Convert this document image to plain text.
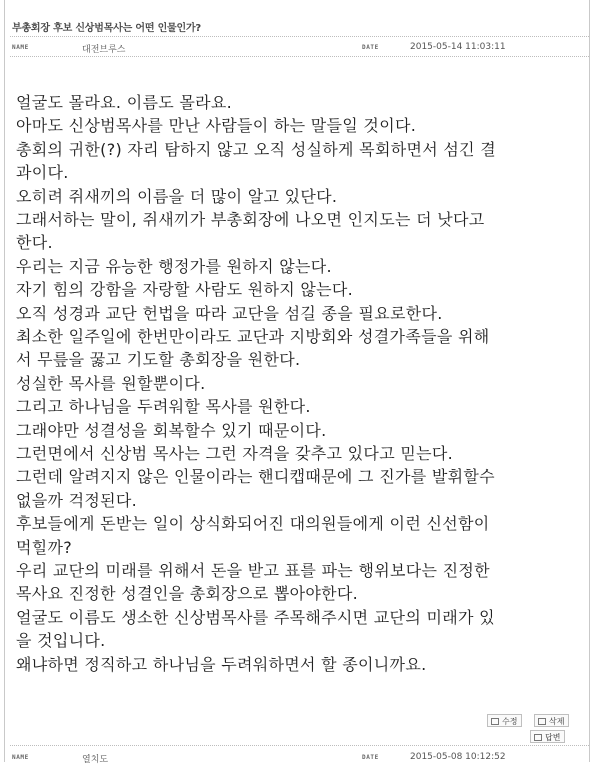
부총회장 후보 신상범목사는 어떤 인물인가?
NAME	대전브루스	DATE	2015-05-14 11:03:11
얼굴도 몰라요. 이름도 몰라요.
아마도 신상범목사를 만난 사람들이 하는 말들일 것이다.
총회의 귀한(?) 자리 탐하지 않고 오직 성실하게 목회하면서 섬긴 결
과이다.
오히려 쥐새끼의 이름을 더 많이 알고 있단다.
그래서하는 말이, 쥐새끼가 부총회장에 나오면 인지도는 더 낫다고
한다.
우리는 지금 유능한 행정가를 원하지 않는다.
자기 힘의 강함을 자랑할 사람도 원하지 않는다.
오직 성경과 교단 헌법을 따라 교단을 섬길 종을 필요로한다.
최소한 일주일에 한번만이라도 교단과 지방회와 성결가족들을 위해
서 무릎을 꿇고 기도할 총회장을 원한다.
성실한 목사를 원할뿐이다.
그리고 하나님을 두려워할 목사를 원한다.
그래야만 성결성을 회복할수 있기 때문이다.
그런면에서 신상범 목사는 그런 자격을 갖추고 있다고 믿는다.
그런데 알려지지 않은 인물이라는 핸디캡때문에 그 진가를 발휘할수
없을까 걱정된다.
후보들에게 돈받는 일이 상식화되어진 대의원들에게 이런 신선함이
먹힐까?
우리 교단의 미래를 위해서 돈을 받고 표를 파는 행위보다는 진정한
목사요 진정한 성결인을 총회장으로 뽑아야한다.
얼굴도 이름도 생소한 신상범목사를 주목해주시면 교단의 미래가 있
을 것입니다.
왜냐하면 정직하고 하나님을 두려워하면서 할 종이니까요.
수정	삭제
답변
NAME	열치도	DATE	2015-05-08 10:12:52
